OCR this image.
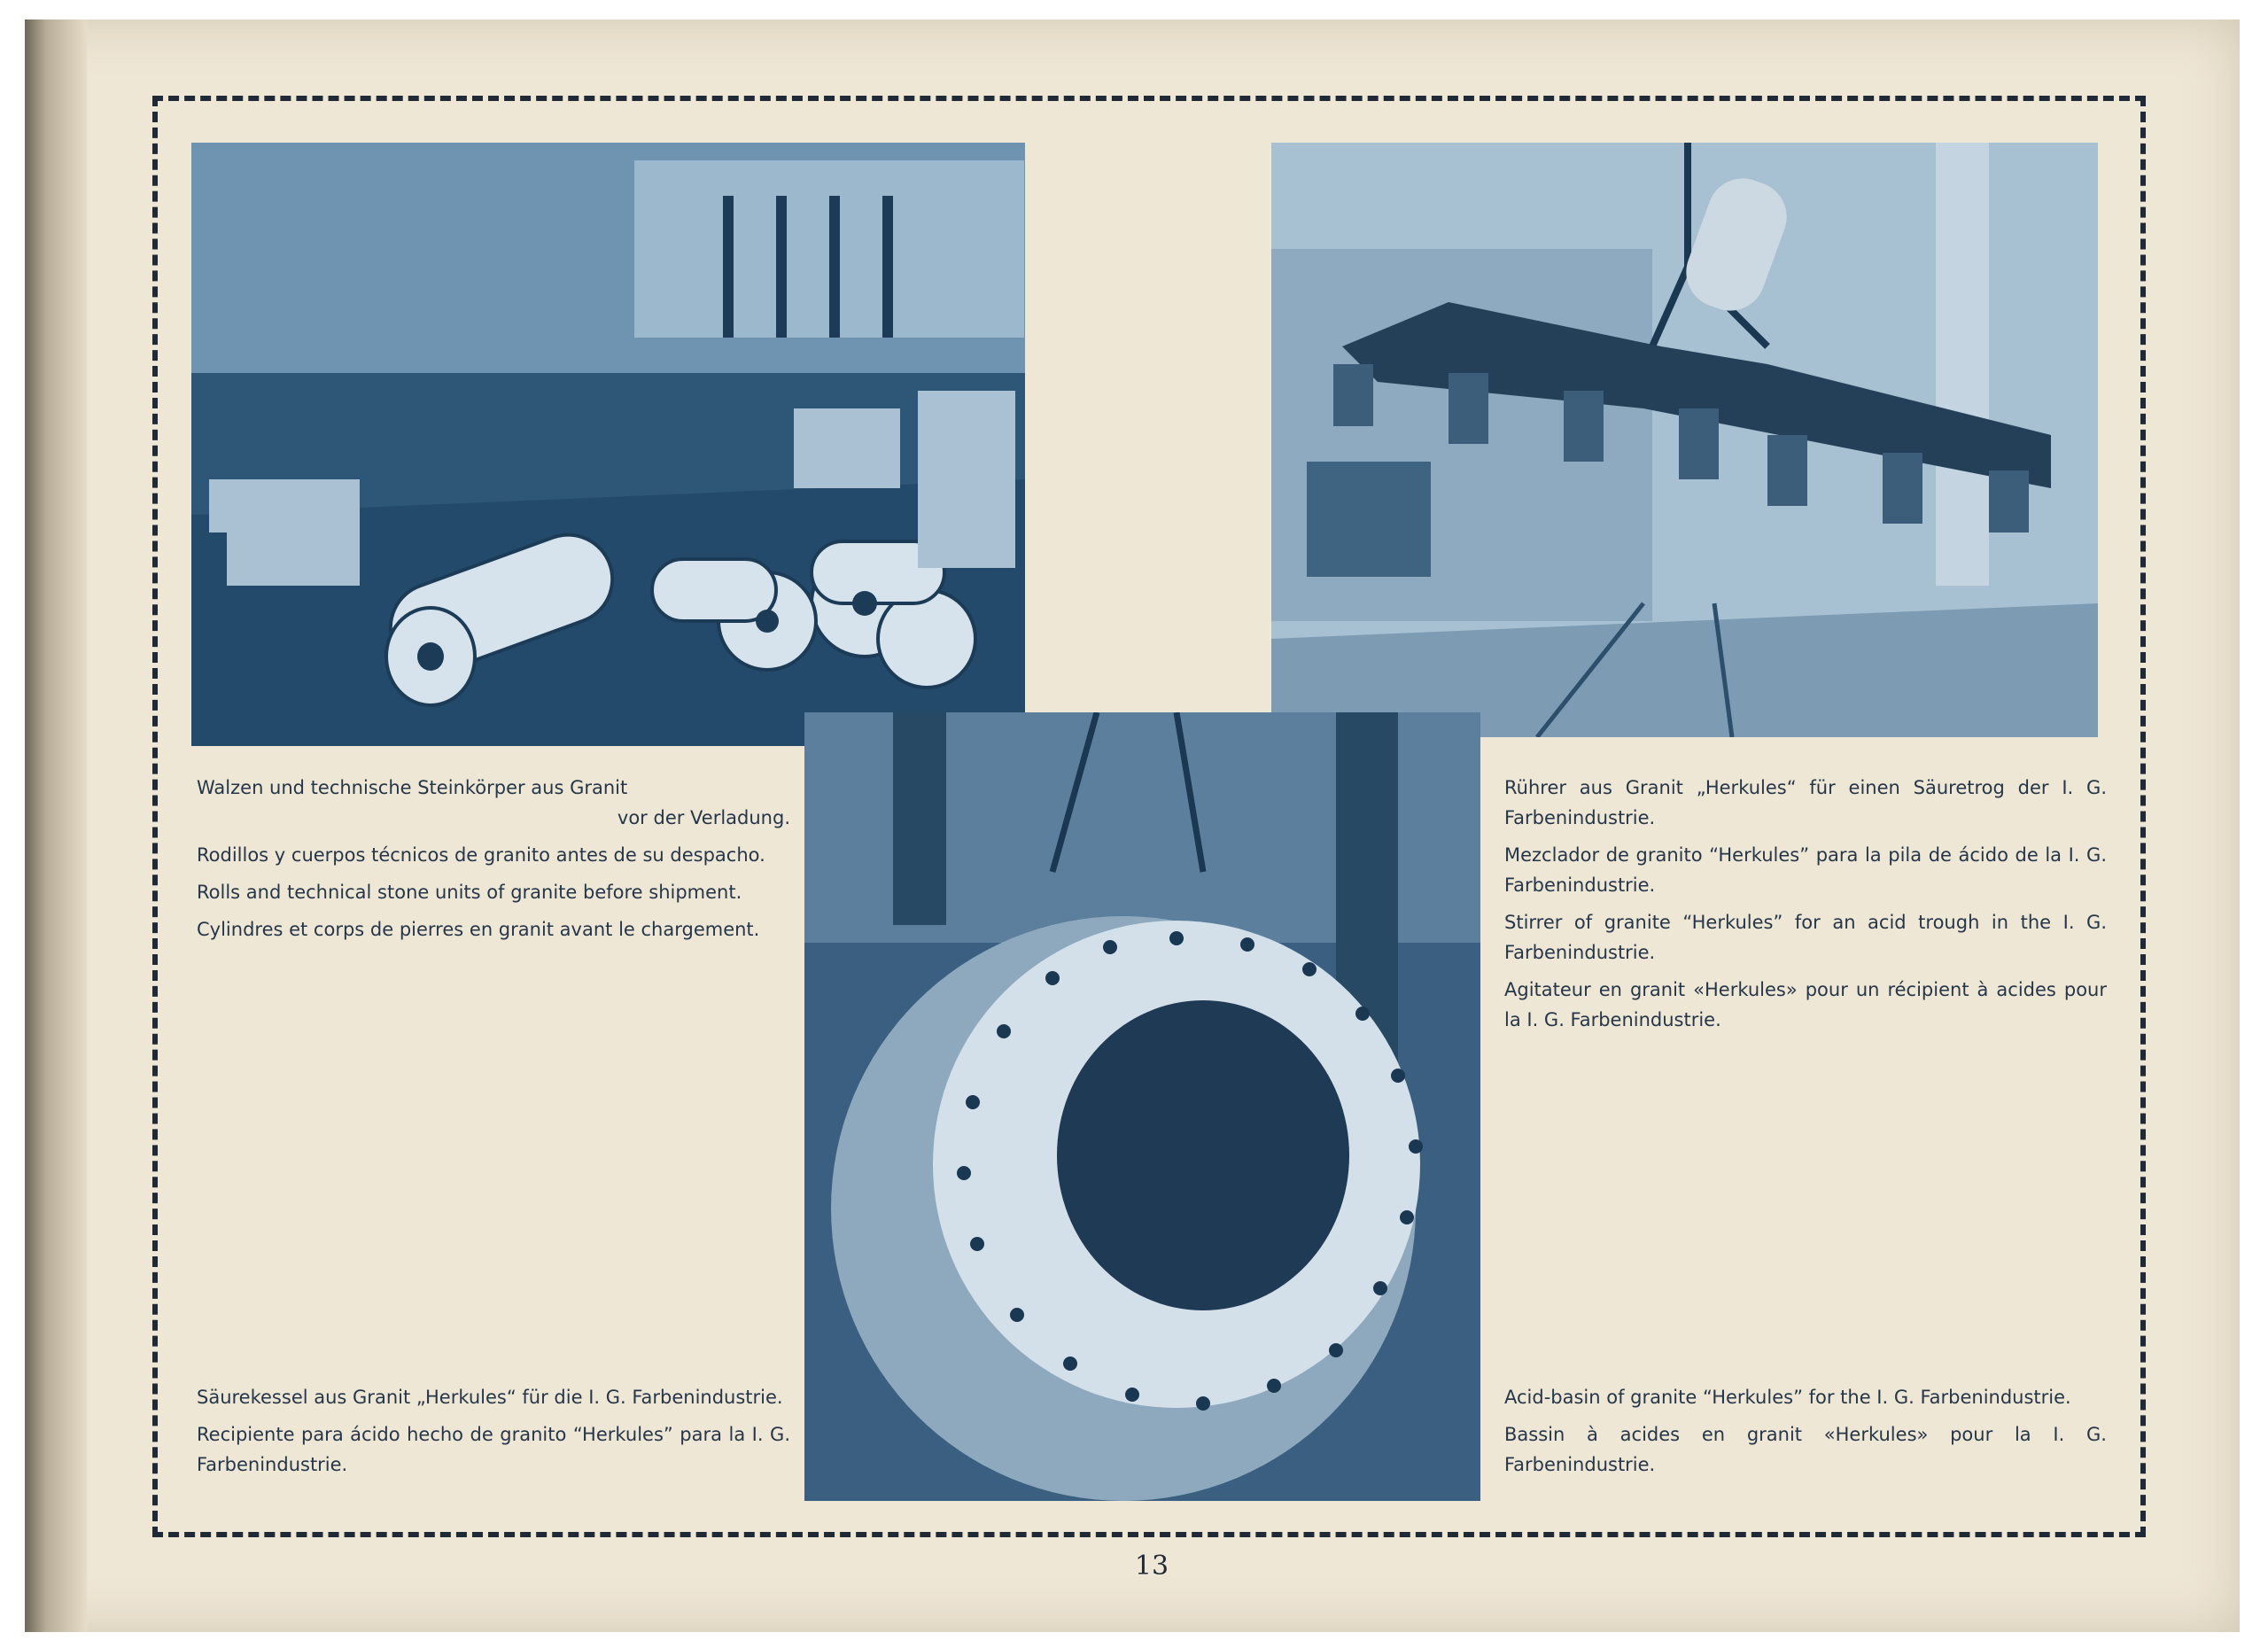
Walzen und technische Steinkörper aus Granit

vor der Verladung.

Rodillos y cuerpos técnicos de granito antes de su despacho.

Rolls and technical stone units of granite before shipment.

Cylindres et corps de pierres en granit avant le chargement.

Rührer aus Granit „Herkules“ für einen Säuretrog der I. G. Farbenindustrie.

Mezclador de granito “Herkules” para la pila de ácido de la I. G. Farbenindustrie.

Stirrer of granite “Herkules” for an acid trough in the I. G. Farbenindustrie.

Agitateur en granit «Herkules» pour un récipient à acides pour la I. G. Farbenindustrie.

Säurekessel aus Granit „Herkules“ für die I. G. Farbenindustrie.

Recipiente para ácido hecho de granito “Herkules” para la I. G. Farbenindustrie.

Acid-basin of granite “Herkules” for the I. G. Farbenindustrie.

Bassin à acides en granit «Herkules» pour la I. G. Farbenindustrie.

13
